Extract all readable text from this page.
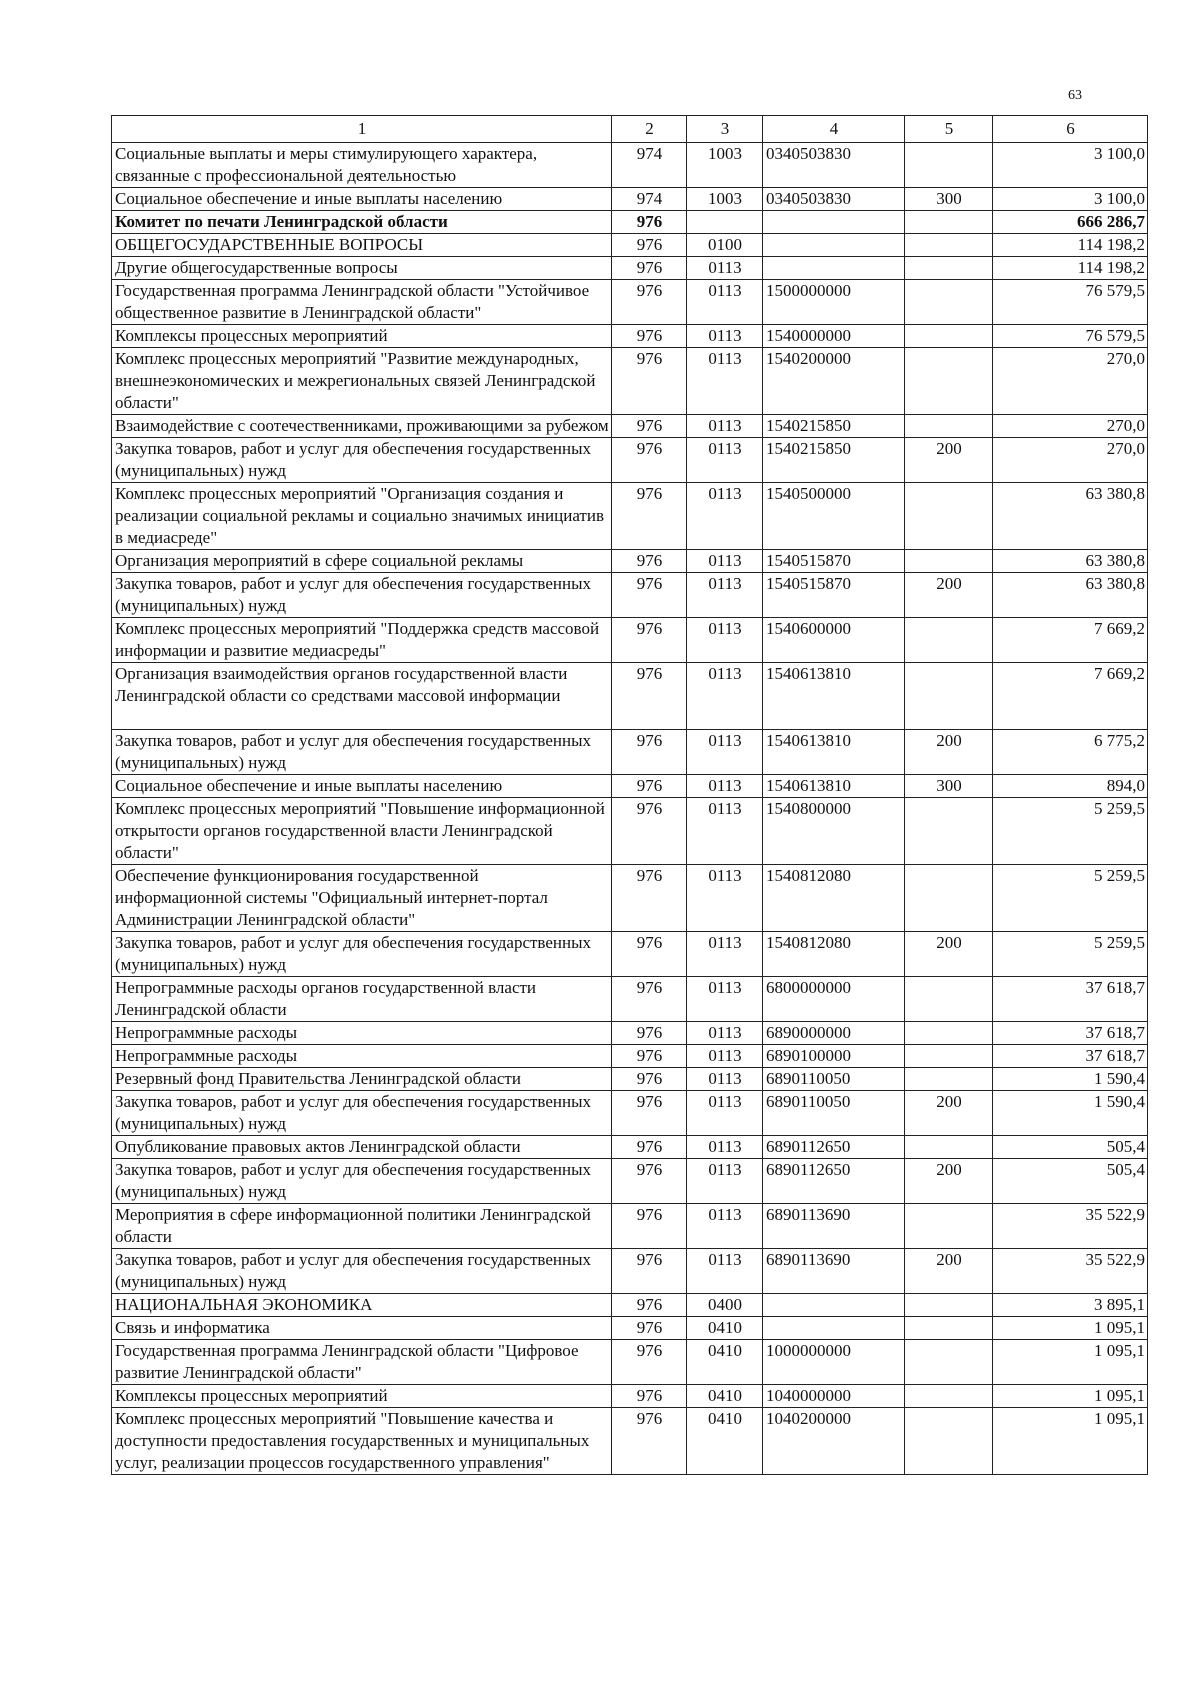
63
1	2	3	4	5	6
Социальные выплаты и меры стимулирующего характера, связанные с профессиональной деятельностью	974	1003	0340503830		3 100,0
Социальное обеспечение и иные выплаты населению	974	1003	0340503830	300	3 100,0
Комитет по печати Ленинградской области	976				666 286,7
ОБЩЕГОСУДАРСТВЕННЫЕ ВОПРОСЫ	976	0100			114 198,2
Другие общегосударственные вопросы	976	0113			114 198,2
Государственная программа Ленинградской области "Устойчивое общественное развитие в Ленинградской области"	976	0113	1500000000		76 579,5
Комплексы процессных мероприятий	976	0113	1540000000		76 579,5
Комплекс процессных мероприятий "Развитие международных, внешнеэкономических и межрегиональных связей Ленинградской области"	976	0113	1540200000		270,0
Взаимодействие с соотечественниками, проживающими за рубежом	976	0113	1540215850		270,0
Закупка товаров, работ и услуг для обеспечения государственных (муниципальных) нужд	976	0113	1540215850	200	270,0
Комплекс процессных мероприятий "Организация создания и реализации социальной рекламы и социально значимых инициатив в медиасреде"	976	0113	1540500000		63 380,8
Организация мероприятий в сфере социальной рекламы	976	0113	1540515870		63 380,8
Закупка товаров, работ и услуг для обеспечения государственных (муниципальных) нужд	976	0113	1540515870	200	63 380,8
Комплекс процессных мероприятий "Поддержка средств массовой информации и развитие медиасреды"	976	0113	1540600000		7 669,2
Организация взаимодействия органов государственной власти Ленинградской области со средствами массовой информации	976	0113	1540613810		7 669,2
Закупка товаров, работ и услуг для обеспечения государственных (муниципальных) нужд	976	0113	1540613810	200	6 775,2
Социальное обеспечение и иные выплаты населению	976	0113	1540613810	300	894,0
Комплекс процессных мероприятий "Повышение информационной открытости органов государственной власти Ленинградской области"	976	0113	1540800000		5 259,5
Обеспечение функционирования государственной информационной системы "Официальный интернет-портал Администрации Ленинградской области"	976	0113	1540812080		5 259,5
Закупка товаров, работ и услуг для обеспечения государственных (муниципальных) нужд	976	0113	1540812080	200	5 259,5
Непрограммные расходы органов государственной власти Ленинградской области	976	0113	6800000000		37 618,7
Непрограммные расходы	976	0113	6890000000		37 618,7
Непрограммные расходы	976	0113	6890100000		37 618,7
Резервный фонд Правительства Ленинградской области	976	0113	6890110050		1 590,4
Закупка товаров, работ и услуг для обеспечения государственных (муниципальных) нужд	976	0113	6890110050	200	1 590,4
Опубликование правовых актов Ленинградской области	976	0113	6890112650		505,4
Закупка товаров, работ и услуг для обеспечения государственных (муниципальных) нужд	976	0113	6890112650	200	505,4
Мероприятия в сфере информационной политики Ленинградской области	976	0113	6890113690		35 522,9
Закупка товаров, работ и услуг для обеспечения государственных (муниципальных) нужд	976	0113	6890113690	200	35 522,9
НАЦИОНАЛЬНАЯ ЭКОНОМИКА	976	0400			3 895,1
Связь и информатика	976	0410			1 095,1
Государственная программа Ленинградской области "Цифровое развитие Ленинградской области"	976	0410	1000000000		1 095,1
Комплексы процессных мероприятий	976	0410	1040000000		1 095,1
Комплекс процессных мероприятий "Повышение качества и доступности предоставления государственных и муниципальных услуг, реализации процессов государственного управления"	976	0410	1040200000		1 095,1
